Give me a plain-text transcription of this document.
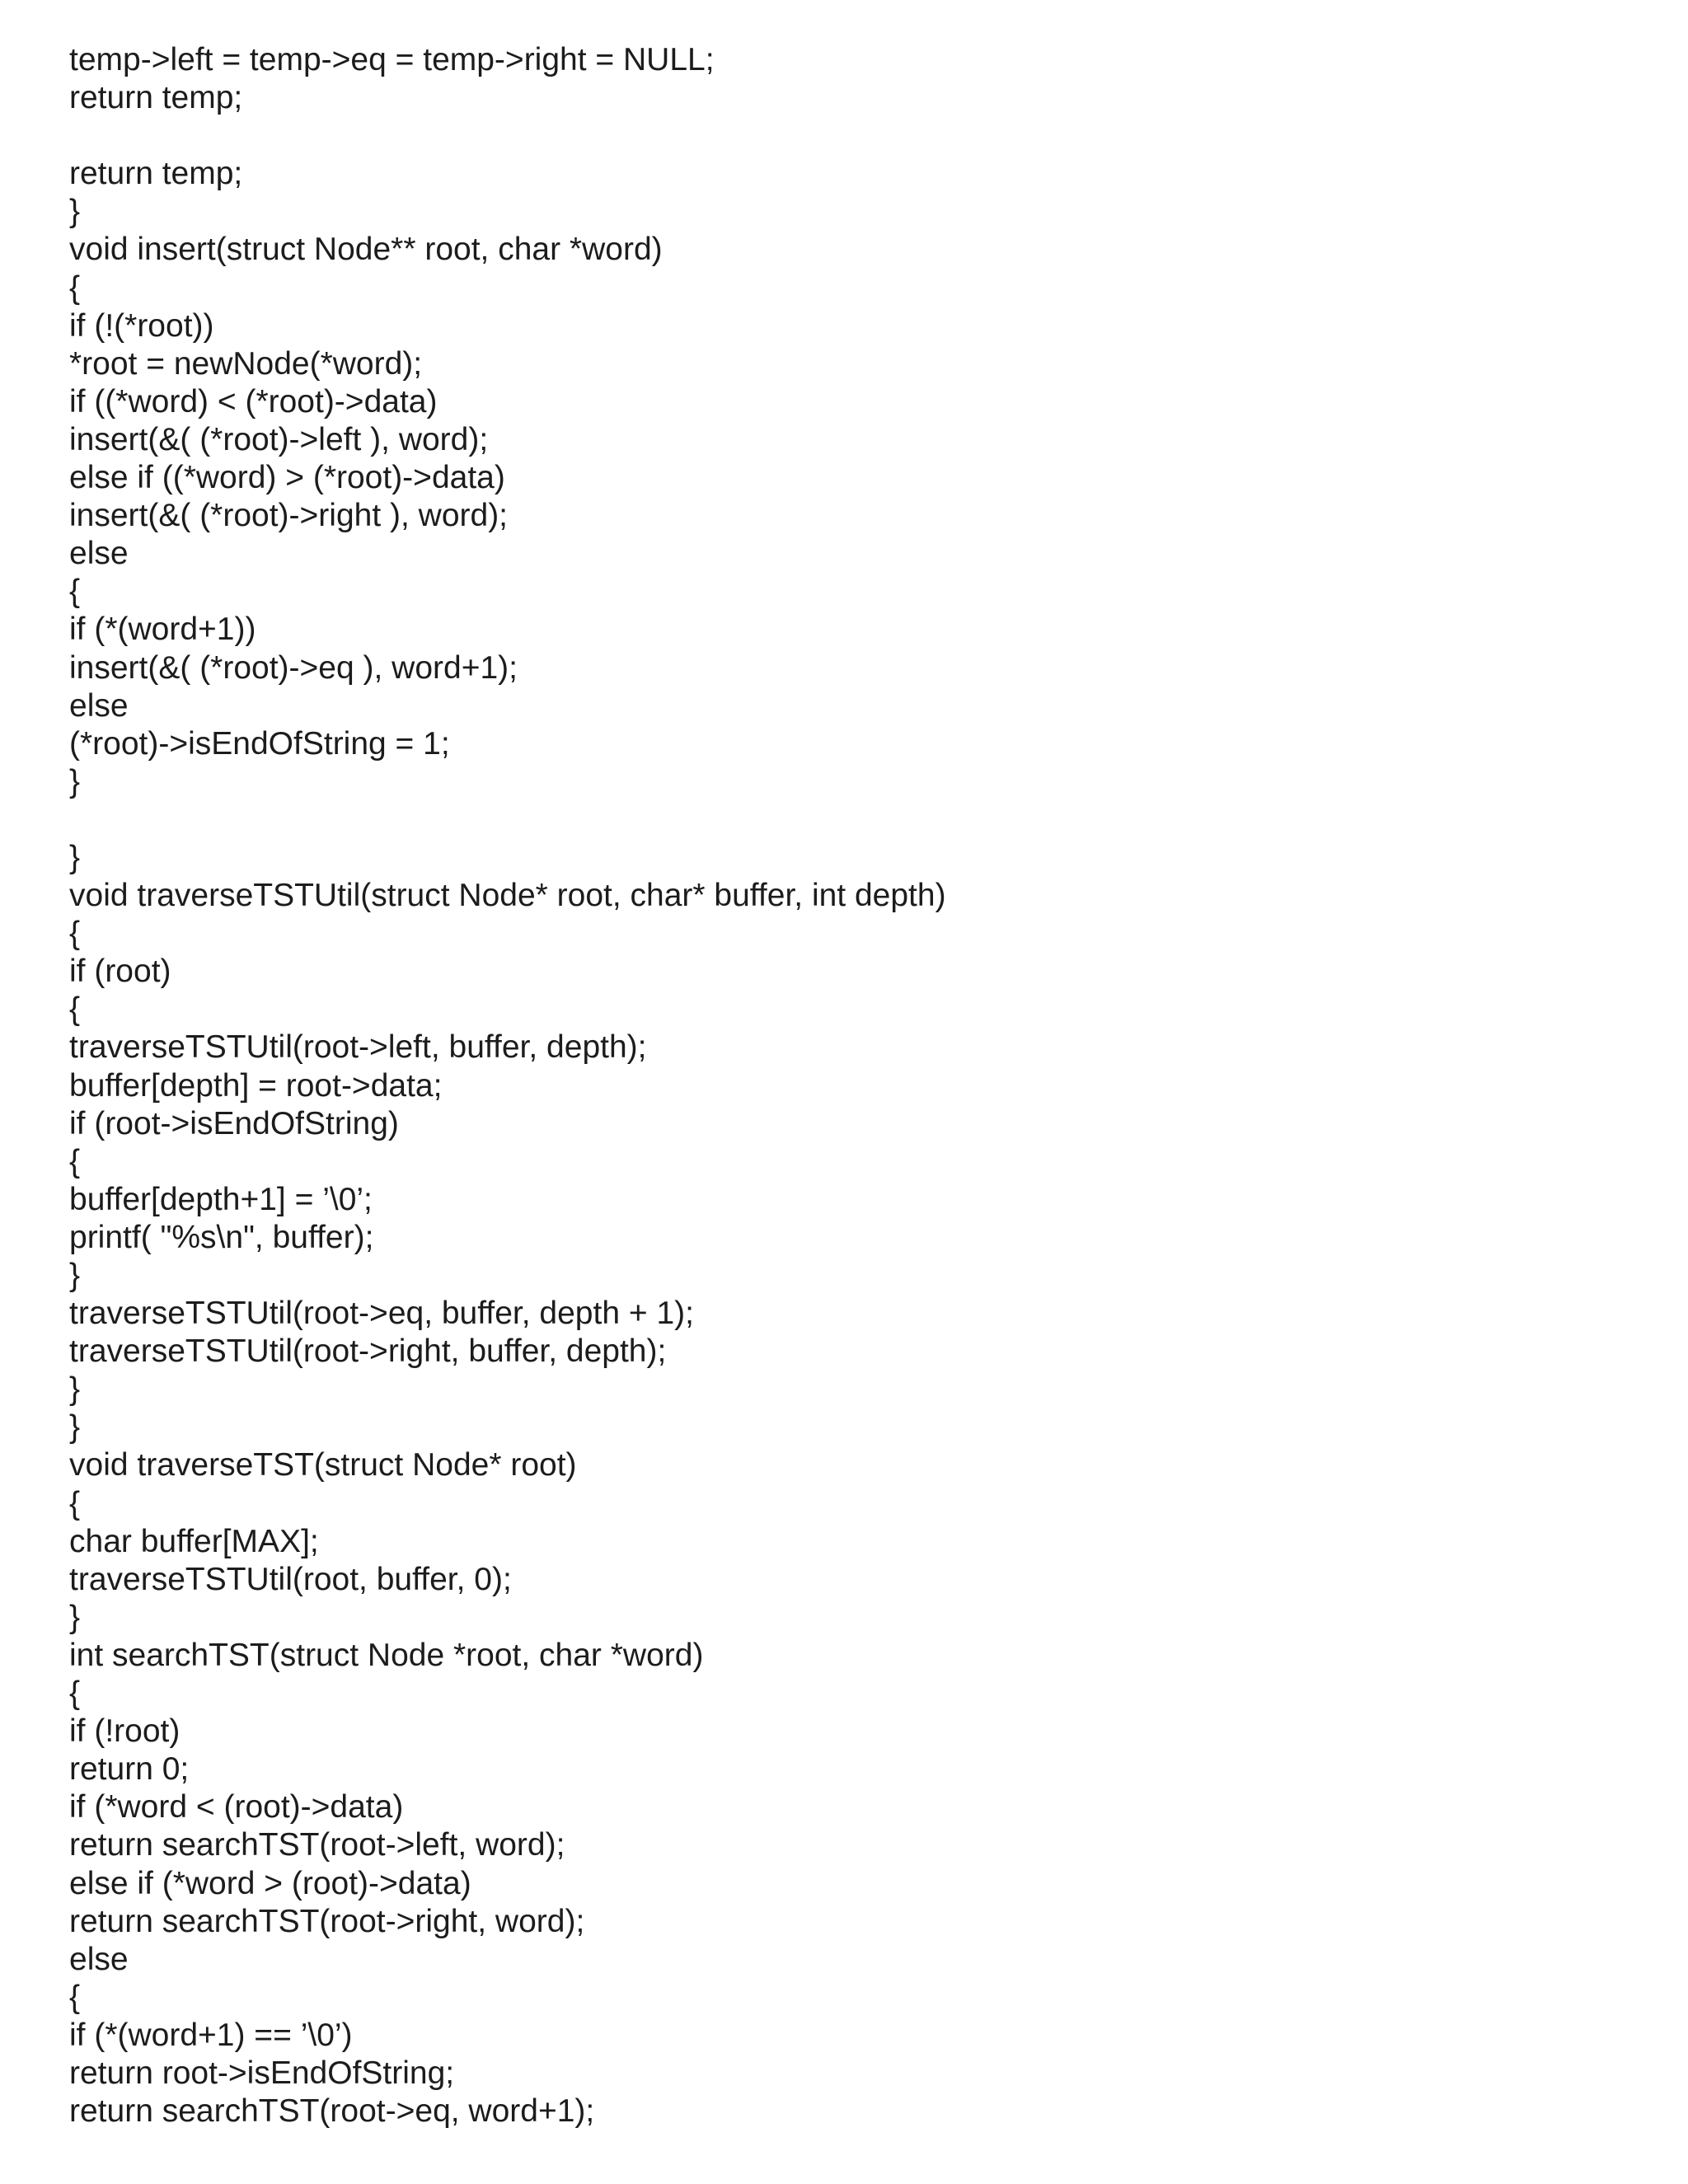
temp->left = temp->eq = temp->right = NULL;
return temp;
return temp;
}
void insert(struct Node** root, char *word)
{
if (!(*root))
*root = newNode(*word);
if ((*word) < (*root)->data)
insert(&( (*root)->left ), word);
else if ((*word) > (*root)->data)
insert(&( (*root)->right ), word);
else
{
if (*(word+1))
insert(&( (*root)->eq ), word+1);
else
(*root)->isEndOfString = 1;
}
}
void traverseTSTUtil(struct Node* root, char* buffer, int depth)
{
if (root)
{
traverseTSTUtil(root->left, buffer, depth);
buffer[depth] = root->data;
if (root->isEndOfString)
{
buffer[depth+1] = ’\0’;
printf( "%s\n", buffer);
}
traverseTSTUtil(root->eq, buffer, depth + 1);
traverseTSTUtil(root->right, buffer, depth);
}
}
void traverseTST(struct Node* root)
{
char buffer[MAX];
traverseTSTUtil(root, buffer, 0);
}
int searchTST(struct Node *root, char *word)
{
if (!root)
return 0;
if (*word < (root)->data)
return searchTST(root->left, word);
else if (*word > (root)->data)
return searchTST(root->right, word);
else
{
if (*(word+1) == ’\0’)
return root->isEndOfString;
return searchTST(root->eq, word+1);
